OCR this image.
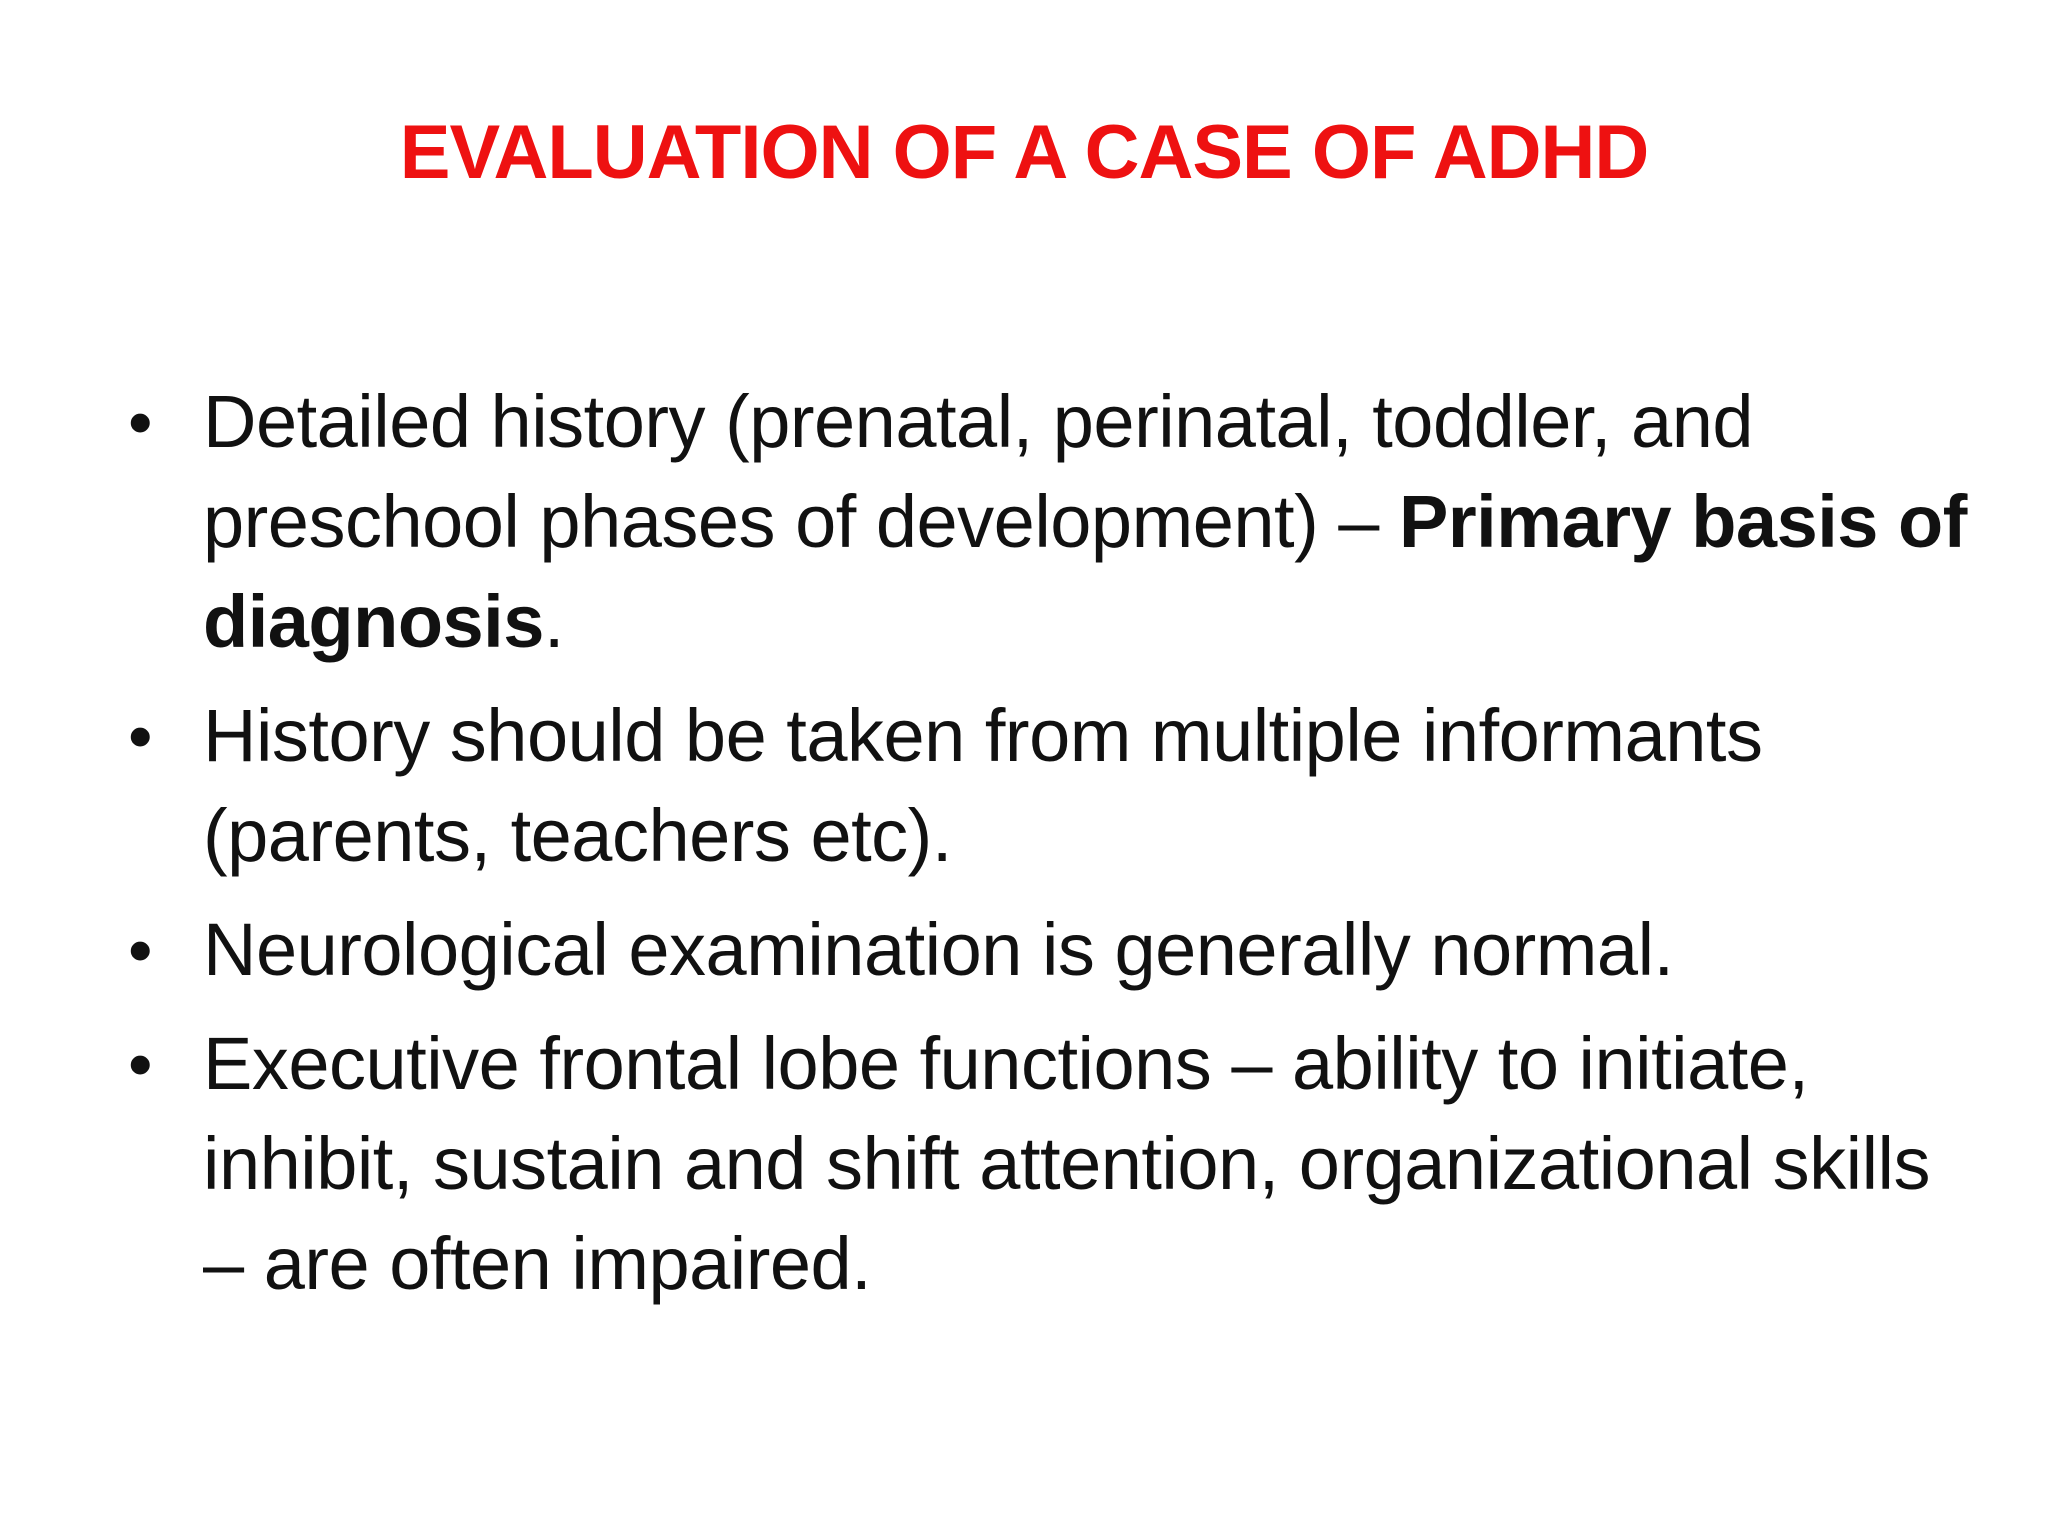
EVALUATION OF A CASE OF ADHD
• Detailed history (prenatal, perinatal, toddler, and preschool phases of development) – Primary basis of diagnosis.
• History should be taken from multiple informants (parents, teachers etc).
• Neurological examination is generally normal.
• Executive frontal lobe functions – ability to initiate, inhibit, sustain and shift attention, organizational skills – are often impaired.
